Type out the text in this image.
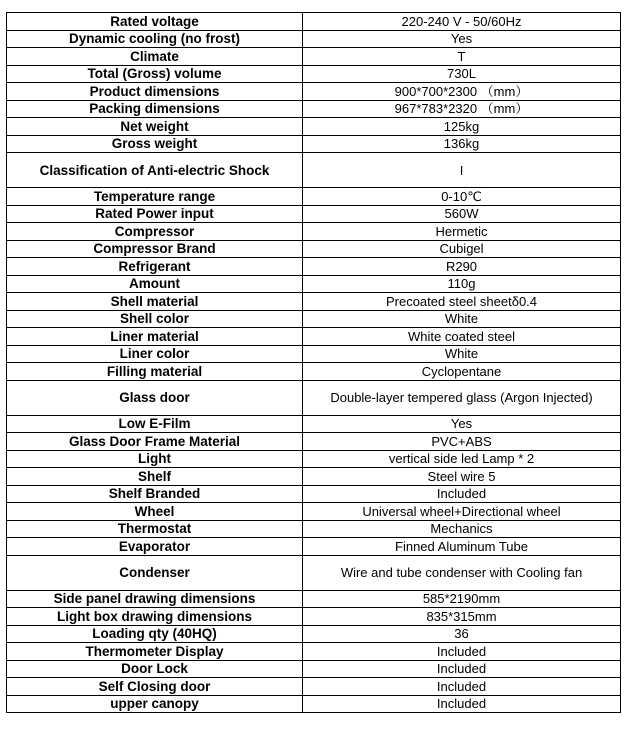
Rated voltage	220-240 V - 50/60Hz
Dynamic cooling (no frost)	Yes
Climate	T
Total (Gross) volume	730L
Product dimensions	900*700*2300 （mm）
Packing dimensions	967*783*2320 （mm）
Net weight	125kg
Gross weight	136kg
Classification of Anti-electric Shock	I
Temperature range	0-10℃
Rated Power input	560W
Compressor	Hermetic
Compressor Brand	Cubigel
Refrigerant	R290
Amount	110g
Shell material	Precoated steel sheetδ0.4
Shell color	White
Liner material	White coated steel
Liner color	White
Filling material	Cyclopentane
Glass door	Double-layer tempered glass (Argon Injected)
Low E-Film	Yes
Glass Door Frame Material	PVC+ABS
Light	vertical side led Lamp * 2
Shelf	Steel wire 5
Shelf Branded	Included
Wheel	Universal wheel+Directional wheel
Thermostat	Mechanics
Evaporator	Finned Aluminum Tube
Condenser	Wire and tube condenser with Cooling fan
Side panel drawing dimensions	585*2190mm
Light box drawing dimensions	835*315mm
Loading qty (40HQ)	36
Thermometer Display	Included
Door Lock	Included
Self Closing door	Included
upper canopy	Included
